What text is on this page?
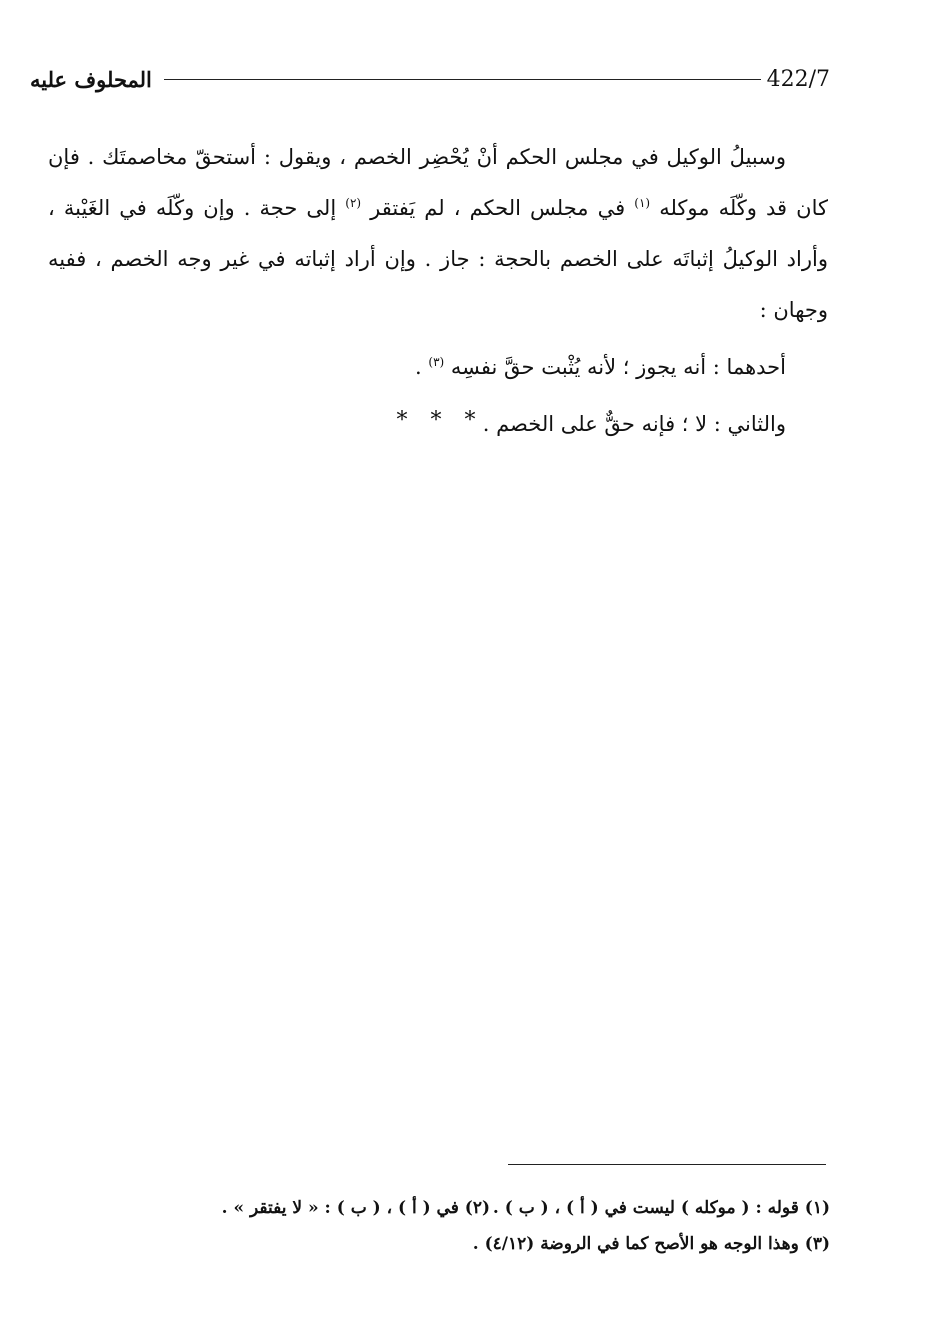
المحلوف عليه	422/7

وسبيلُ الوكيل في مجلس الحكم أنْ يُحْضِر الخصم ، ويقول : أستحقّ مخاصمتَك . فإن كان قد وكّلَه موكله $^{(١)}$ في مجلس الحكم ، لم يَفتقر $^{(٢)}$ إلى حجة . وإن وكّلَه في الغَيْبة ، وأراد الوكيلُ إثباتَه على الخصم بالحجة : جاز . وإن أراد إثباته في غير وجه الخصم ، ففيه وجهان :

أحدهما : أنه يجوز ؛ لأنه يُثْبت حقَّ نفسِه $^{(٣)}$ .

والثاني : لا ؛ فإنه حقٌّ على الخصم .

* * *
(١) قوله : ( موكله ) ليست في ( أ ) ، ( ب ) .
(٢) في ( أ ) ، ( ب ) : « لا يفتقر » .
(٣) وهذا الوجه هو الأصح كما في الروضة (٤/١٢) .
